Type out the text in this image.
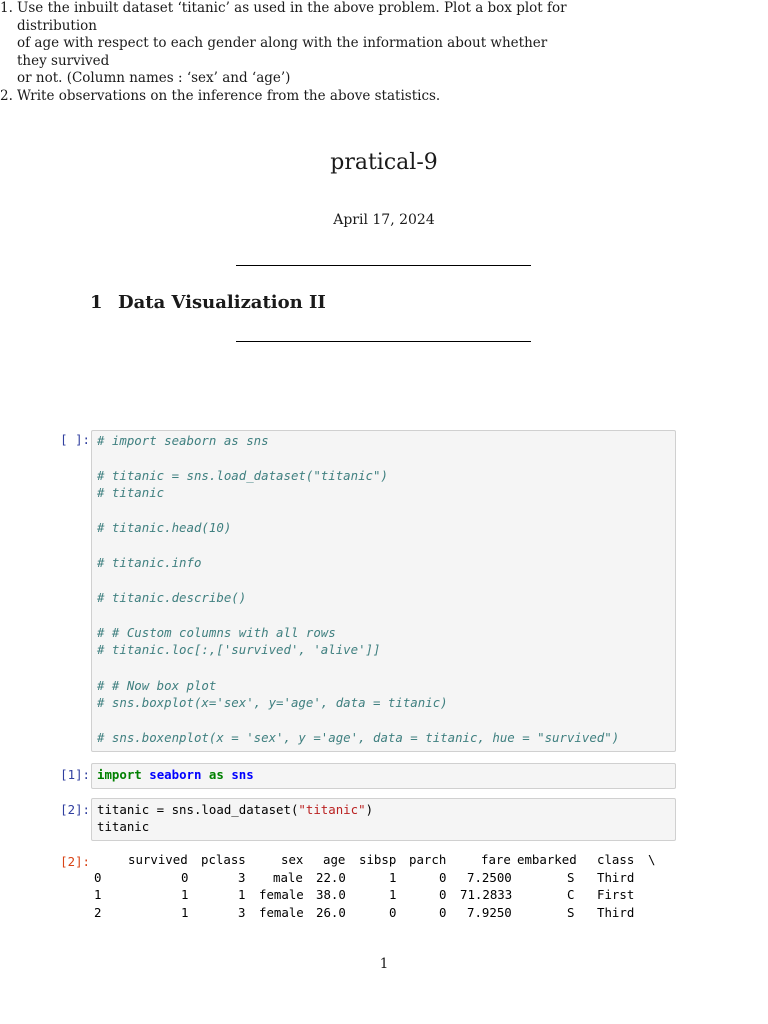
pratical-9
April 17, 2024
1 Data Visualization II
1. Use the inbuilt dataset ‘titanic’ as used in the above problem. Plot a box plot for distribution
of age with respect to each gender along with the information about whether they survived
or not. (Column names : ‘sex’ and ‘age’)
2. Write observations on the inference from the above statistics.
[ ]: # import seaborn as sns
# titanic = sns.load_dataset("titanic")
# titanic
# titanic.head(10)
# titanic.info
# titanic.describe()
# # Custom columns with all rows
# titanic.loc[:,['survived', 'alive']]
# # Now box plot
# sns.boxplot(x='sex', y='age', data = titanic)
# sns.boxenplot(x = 'sex', y ='age', data = titanic, hue = "survived")
[1]: import seaborn as sns
[2]: titanic = sns.load_dataset("titanic")
titanic
[2]:	survived pclass	sex age sibsp parch	fare embarked class \
0	0	3 male 22.0	1	0 7.2500	S Third
1	1	1 female 38.0	1	0 71.2833	C First
2	1	3 female 26.0	0	0 7.9250	S Third
1
